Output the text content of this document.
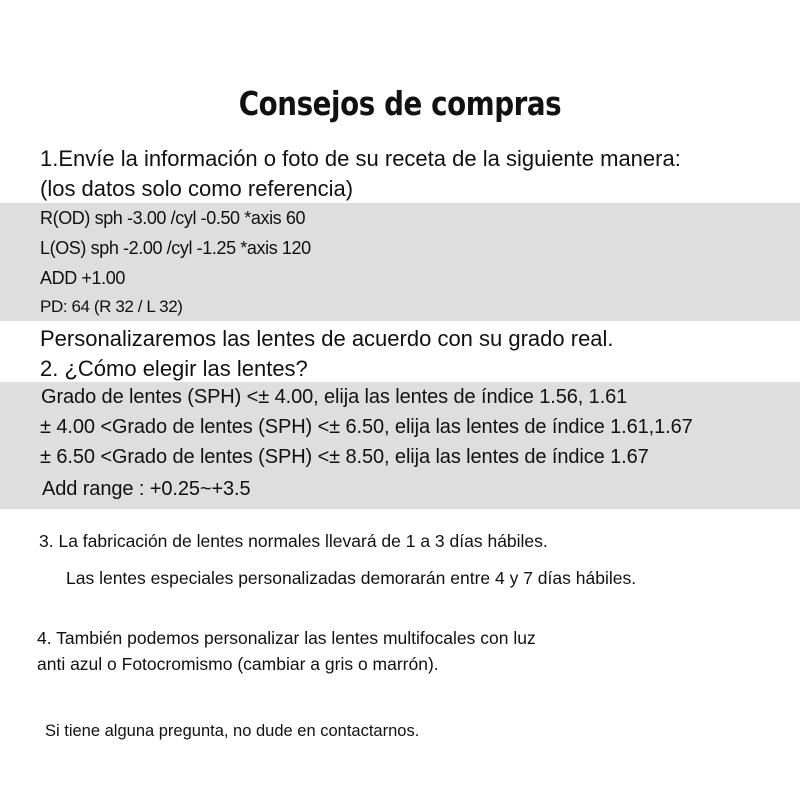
Consejos de compras
1.Envíe la información o foto de su receta de la siguiente manera:
(los datos solo como referencia)
R(OD) sph -3.00 /cyl -0.50 *axis 60
L(OS) sph -2.00 /cyl -1.25 *axis 120
ADD +1.00
PD: 64 (R 32 / L 32)
Personalizaremos las lentes de acuerdo con su grado real.
2. ¿Cómo elegir las lentes?
Grado de lentes (SPH) <± 4.00, elija las lentes de índice 1.56, 1.61
± 4.00 <Grado de lentes (SPH) <± 6.50, elija las lentes de índice 1.61,1.67
± 6.50 <Grado de lentes (SPH) <± 8.50, elija las lentes de índice 1.67
Add range : +0.25~+3.5
3. La fabricación de lentes normales llevará de 1 a 3 días hábiles.
Las lentes especiales personalizadas demorarán entre 4 y 7 días hábiles.
4. También podemos personalizar las lentes multifocales con luz
anti azul o Fotocromismo (cambiar a gris o marrón).
Si tiene alguna pregunta, no dude en contactarnos.
